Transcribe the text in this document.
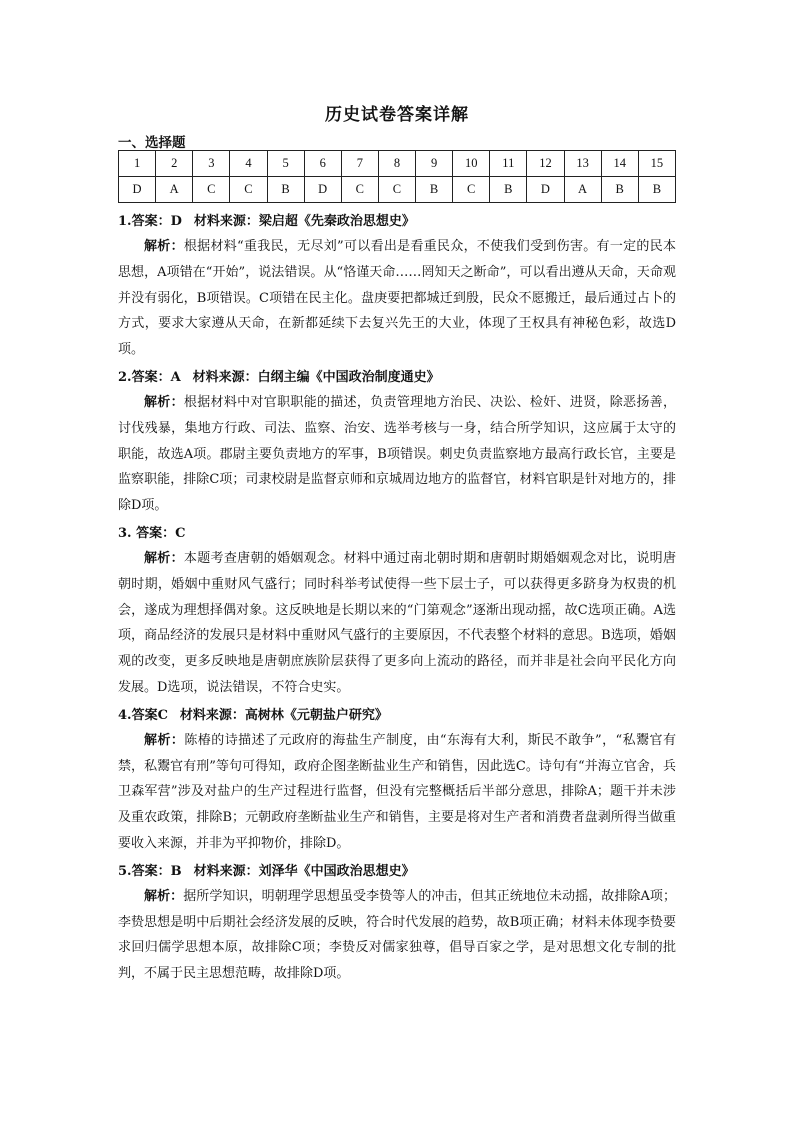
历史试卷答案详解
一、选择题
1	2	3	4	5	6	7	8	9	10	11	12	13	14	15
D	A	C	C	B	D	C	C	B	C	B	D	A	B	B
1.答案：D 材料来源：梁启超《先秦政治思想史》

解析：根据材料“重我民，无尽刘”可以看出是看重民众，不使我们受到伤害。有一定的民本思想，A项错在“开始”，说法错误。从“恪谨天命……罔知天之断命”，可以看出遵从天命，天命观并没有弱化，B项错误。C项错在民主化。盘庚要把都城迁到殷，民众不愿搬迁，最后通过占卜的方式，要求大家遵从天命，在新都延续下去复兴先王的大业，体现了王权具有神秘色彩，故选D项。

2.答案：A 材料来源：白纲主编《中国政治制度通史》

解析：根据材料中对官职职能的描述，负责管理地方治民、决讼、检奸、进贤，除恶扬善，讨伐残暴，集地方行政、司法、监察、治安、选举考核与一身，结合所学知识，这应属于太守的职能，故选A项。郡尉主要负责地方的军事，B项错误。刺史负责监察地方最高行政长官，主要是监察职能，排除C项；司隶校尉是监督京师和京城周边地方的监督官，材料官职是针对地方的，排除D项。

3. 答案：C

解析：本题考查唐朝的婚姻观念。材料中通过南北朝时期和唐朝时期婚姻观念对比，说明唐朝时期，婚姻中重财风气盛行；同时科举考试使得一些下层士子，可以获得更多跻身为权贵的机会，遂成为理想择偶对象。这反映地是长期以来的“门第观念”逐渐出现动摇，故C选项正确。A选项，商品经济的发展只是材料中重财风气盛行的主要原因，不代表整个材料的意思。B选项，婚姻观的改变，更多反映地是唐朝庶族阶层获得了更多向上流动的路径，而并非是社会向平民化方向发展。D选项，说法错误，不符合史实。

4.答案C 材料来源：高树林《元朝盐户研究》

解析：陈椿的诗描述了元政府的海盐生产制度，由“东海有大利，斯民不敢争”，“私鬻官有禁，私鬻官有刑”等句可得知，政府企图垄断盐业生产和销售，因此选C。诗句有“并海立官舍，兵卫森军营”涉及对盐户的生产过程进行监督，但没有完整概括后半部分意思，排除A；题干并未涉及重农政策，排除B；元朝政府垄断盐业生产和销售，主要是将对生产者和消费者盘剥所得当做重要收入来源，并非为平抑物价，排除D。

5.答案：B 材料来源：刘泽华《中国政治思想史》

解析：据所学知识，明朝理学思想虽受李贽等人的冲击，但其正统地位未动摇，故排除A项；李贽思想是明中后期社会经济发展的反映，符合时代发展的趋势，故B项正确；材料未体现李贽要求回归儒学思想本原，故排除C项；李贽反对儒家独尊，倡导百家之学，是对思想文化专制的批判，不属于民主思想范畴，故排除D项。
